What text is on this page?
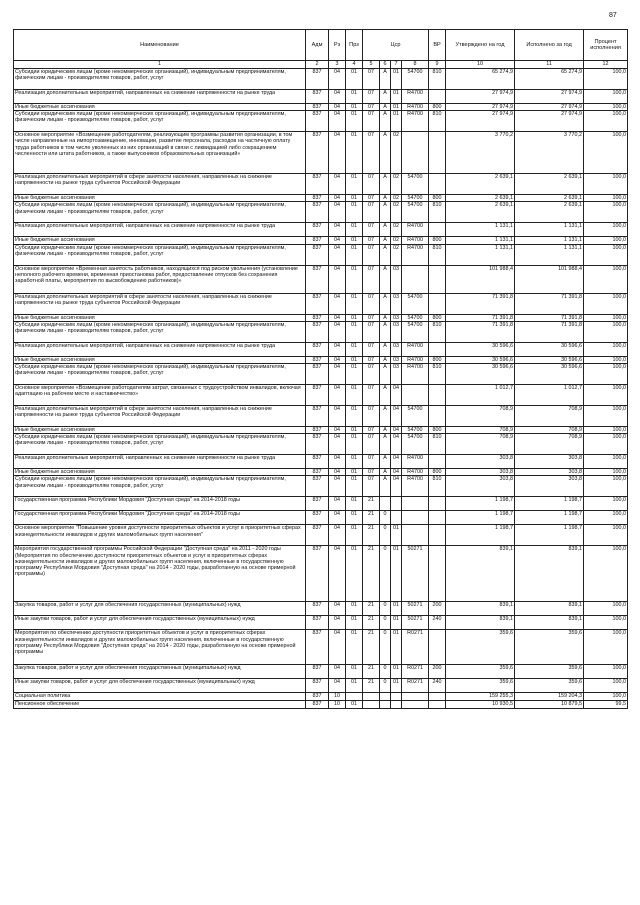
87
Наименование	Адм	Рз	Прз	Цср				ВР	Утверждено на год	Исполнено за год	Процент исполнения
1	2	3	4	5	6	7	8	9	10	11	12
Субсидии юридическим лицам (кроме некоммерческих организаций), индивидуальным предпринимателям, физическим лицам - производителям товаров, работ, услуг	837	04	01	07	А	01	54700	810	65 274,9	65 274,9	100,0
Реализация дополнительных мероприятий, направленных на снижение напряженности на рынке труда	837	04	01	07	А	01	R4700		27 974,9	27 974,9	100,0
Иные бюджетные ассигнования	837	04	01	07	А	01	R4700	800	27 974,9	27 974,9	100,0
Субсидии юридическим лицам (кроме некоммерческих организаций), индивидуальным предпринимателям, физическим лицам - производителям товаров, работ, услуг	837	04	01	07	А	01	R4700	810	27 974,9	27 974,9	100,0
Основное мероприятие «Возмещение работодателям, реализующим программы развития организации, в том числе направленные на импортозамещение, инновации, развитие персонала, расходов на частичную оплату труда работников в том числе уволенных из них организаций в связи с ликвидацией либо сокращением численности или штата работников, а также выпускников образовательных организаций»	837	04	01	07	А	02			3 770,2	3 770,2	100,0
Реализация дополнительных мероприятий в сфере занятости населения, направленных на снижение напряженности на рынке труда субъектов Российской Федерации	837	04	01	07	А	02	54700		2 639,1	2 639,1	100,0
Иные бюджетные ассигнования	837	04	01	07	А	02	54700	800	2 639,1	2 639,1	100,0
Субсидии юридическим лицам (кроме некоммерческих организаций), индивидуальным предпринимателям, физическим лицам - производителям товаров, работ, услуг	837	04	01	07	А	02	54700	810	2 639,1	2 639,1	100,0
Реализация дополнительных мероприятий, направленных на снижение напряженности на рынке труда	837	04	01	07	А	02	R4700		1 131,1	1 131,1	100,0
Иные бюджетные ассигнования	837	04	01	07	А	02	R4700	800	1 131,1	1 131,1	100,0
Субсидии юридическим лицам (кроме некоммерческих организаций), индивидуальным предпринимателям, физическим лицам - производителям товаров, работ, услуг	837	04	01	07	А	02	R4700	810	1 131,1	1 131,1	100,0
Основное мероприятие «Временная занятость работников, находящихся под риском увольнения (установление неполного рабочего времени, временная приостановка работ, предоставление отпусков без сохранения заработной платы, мероприятия по высвобождению работников)»	837	04	01	07	А	03			101 988,4	101 988,4	100,0
Реализация дополнительных мероприятий в сфере занятости населения, направленных на снижение напряженности на рынке труда субъектов Российской Федерации	837	04	01	07	А	03	54700		71 391,8	71 391,8	100,0
Иные бюджетные ассигнования	837	04	01	07	А	03	54700	800	71 391,8	71 391,8	100,0
Субсидии юридическим лицам (кроме некоммерческих организаций), индивидуальным предпринимателям, физическим лицам - производителям товаров, работ, услуг	837	04	01	07	А	03	54700	810	71 391,8	71 391,8	100,0
Реализация дополнительных мероприятий, направленных на снижение напряженности на рынке труда	837	04	01	07	А	03	R4700		30 596,6	30 596,6	100,0
Иные бюджетные ассигнования	837	04	01	07	А	03	R4700	800	30 596,6	30 596,6	100,0
Субсидии юридическим лицам (кроме некоммерческих организаций), индивидуальным предпринимателям, физическим лицам - производителям товаров, работ, услуг	837	04	01	07	А	03	R4700	810	30 596,6	30 596,6	100,0
Основное мероприятие «Возмещение работодателям затрат, связанных с трудоустройством инвалидов, включая адаптацию на рабочем месте и наставничество»	837	04	01	07	А	04			1 012,7	1 012,7	100,0
Реализация дополнительных мероприятий в сфере занятости населения, направленных на снижение напряженности на рынке труда субъектов Российской Федерации	837	04	01	07	А	04	54700		708,9	708,9	100,0
Иные бюджетные ассигнования	837	04	01	07	А	04	54700	800	708,9	708,9	100,0
Субсидии юридическим лицам (кроме некоммерческих организаций), индивидуальным предпринимателям, физическим лицам - производителям товаров, работ, услуг	837	04	01	07	А	04	54700	810	708,9	708,9	100,0
Реализация дополнительных мероприятий, направленных на снижение напряженности на рынке труда	837	04	01	07	А	04	R4700		303,8	303,8	100,0
Иные бюджетные ассигнования	837	04	01	07	А	04	R4700	800	303,8	303,8	100,0
Субсидии юридическим лицам (кроме некоммерческих организаций), индивидуальным предпринимателям, физическим лицам - производителям товаров, работ, услуг	837	04	01	07	А	04	R4700	810	303,8	303,8	100,0
Государственная программа Республики Мордовия "Доступная среда" на 2014-2018 годы	837	04	01	21					1 198,7	1 198,7	100,0
Государственная программа Республики Мордовия "Доступная среда" на 2014-2018 годы	837	04	01	21	0				1 198,7	1 198,7	100,0
Основное мероприятие "Повышение уровня доступности приоритетных объектов и услуг в приоритетных сферах жизнедеятельности инвалидов и других маломобильных групп населения"	837	04	01	21	0	01			1 198,7	1 198,7	100,0
Мероприятия государственной программы Российской Федерации "Доступная среда" на 2011 - 2020 годы (Мероприятия по обеспечению доступности приоритетных объектов и услуг в приоритетных сферах жизнедеятельности инвалидов и других маломобильных групп населения, включенные в государственную программу Республики Мордовия "Доступная среда" на 2014 - 2020 годы, разработанную на основе примерной программы)	837	04	01	21	0	01	50271		839,1	839,1	100,0
Закупка товаров, работ и услуг для обеспечения государственных (муниципальных) нужд	837	04	01	21	0	01	50271	200	839,1	839,1	100,0
Иные закупки товаров, работ и услуг для обеспечения государственных (муниципальных) нужд	837	04	01	21	0	01	50271	240	839,1	839,1	100,0
Мероприятия по обеспечению доступности приоритетных объектов и услуг в приоритетных сферах жизнедеятельности инвалидов и других маломобильных групп населения, включенные в государственную программу Республики Мордовия "Доступная среда" на 2014 - 2020 годы, разработанную на основе примерной программы	837	04	01	21	0	01	R0271		359,6	359,6	100,0
Закупка товаров, работ и услуг для обеспечения государственных (муниципальных) нужд	837	04	01	21	0	01	R0271	200	359,6	359,6	100,0
Иные закупки товаров, работ и услуг для обеспечения государственных (муниципальных) нужд	837	04	01	21	0	01	R0271	240	359,6	359,6	100,0
Социальная политика	837	10							159 255,3	159 204,3	100,0
Пенсионное обеспечение	837	10	01						10 930,5	10 879,5	99,5
